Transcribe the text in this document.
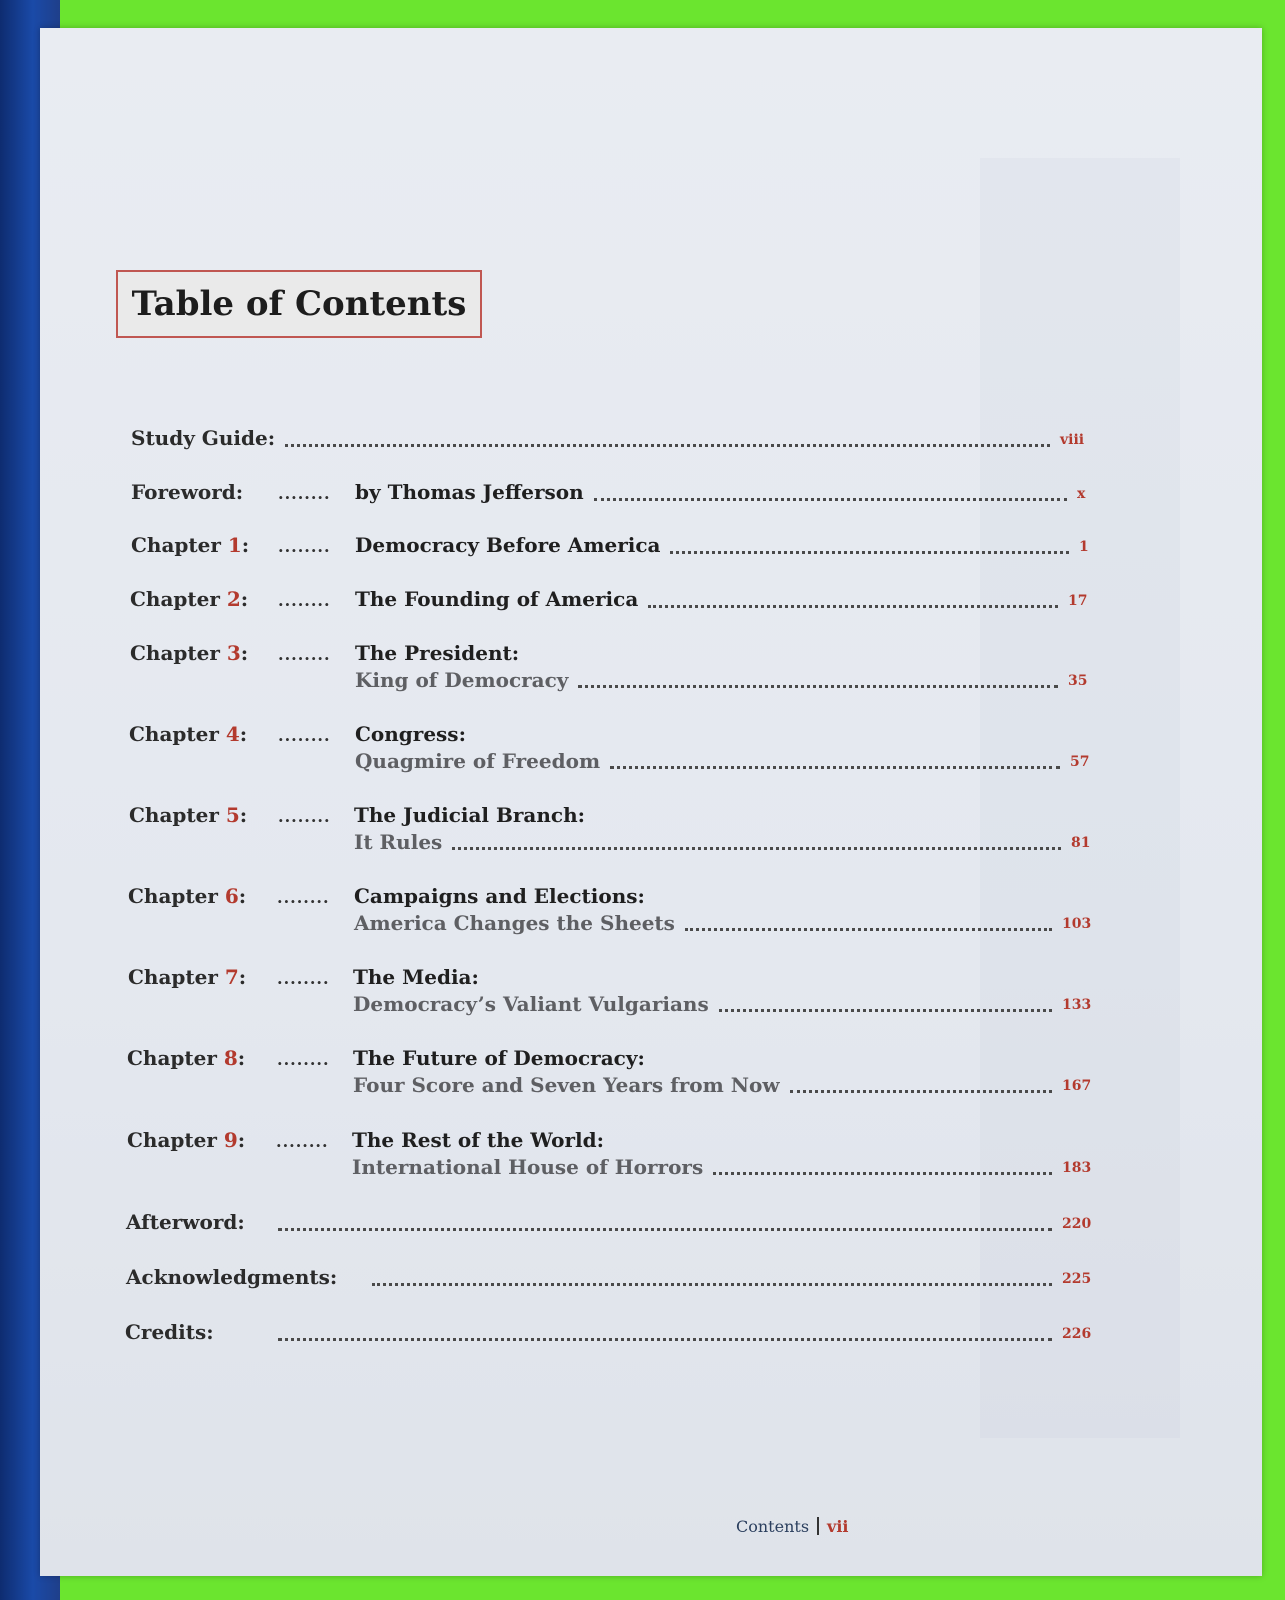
Table of Contents
Study Guide:	viii
Foreword: ........ by Thomas Jefferson	x
Chapter 1: ........ Democracy Before America	1
Chapter 2: ........ The Founding of America	17
Chapter 3: ........ The President:
King of Democracy	35
Chapter 4: ........ Congress:
Quagmire of Freedom	57
Chapter 5: ........ The Judicial Branch:
It Rules	81
Chapter 6: ........ Campaigns and Elections:
America Changes the Sheets	103
Chapter 7: ........ The Media:
Democracy’s Valiant Vulgarians	133
Chapter 8: ........ The Future of Democracy:
Four Score and Seven Years from Now	167
Chapter 9: ........ The Rest of the World:
International House of Horrors	183
Afterword:	220
Acknowledgments:	225
Credits:	226
Contents vii
